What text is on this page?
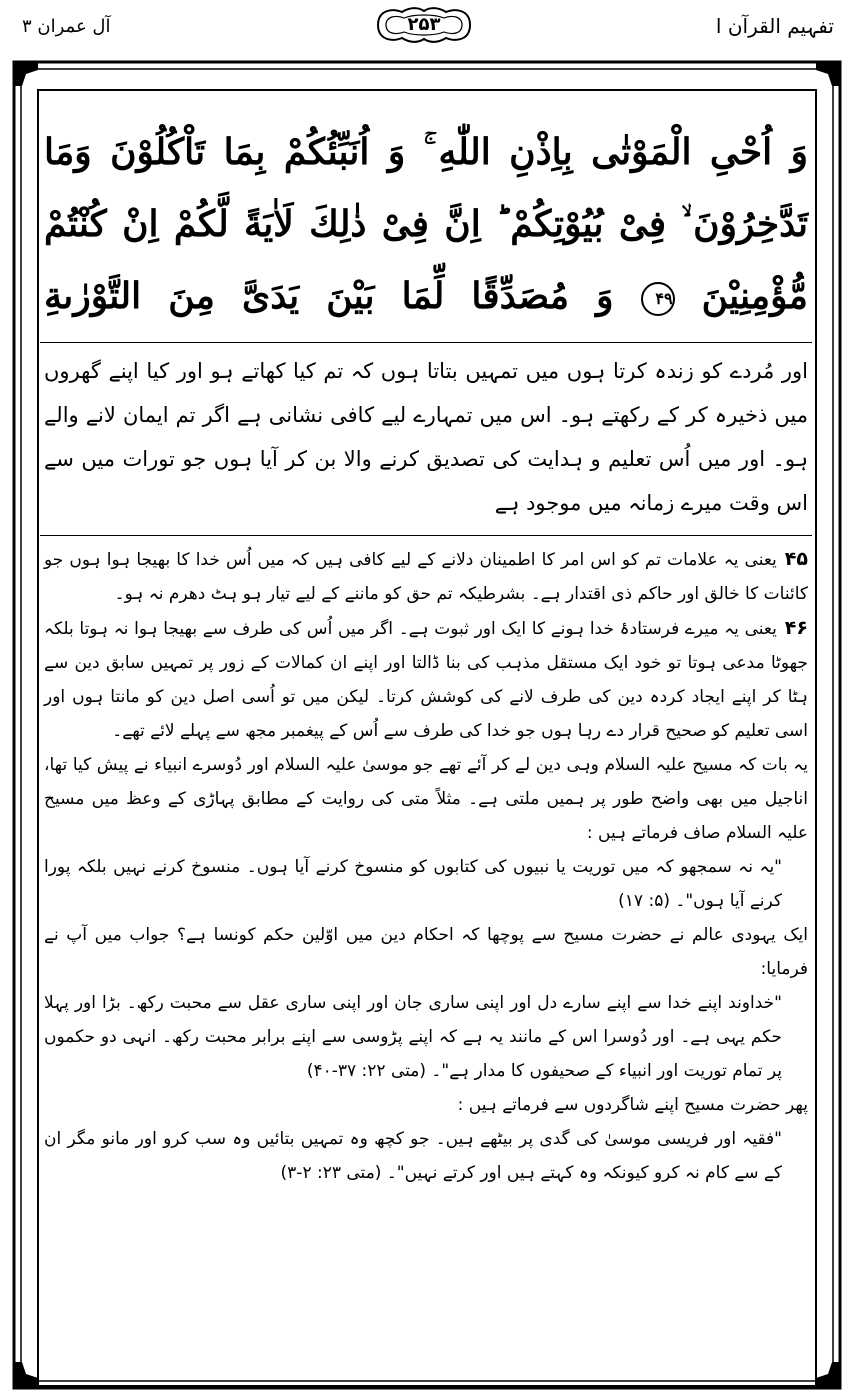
تفہیم القرآن ا
۲۵۳
آل عمران ۳

وَ اُحْیِ الْمَوْتٰی بِاِذْنِ اللّٰهِ ۚ وَ اُنَبِّئُكُمْ بِمَا تَاْكُلُوْنَ وَمَا تَدَّخِرُوْنَ ۙ فِیْ بُیُوْتِكُمْ ؕ اِنَّ فِیْ ذٰلِكَ لَاٰیَةً لَّكُمْ اِنْ كُنْتُمْ مُّؤْمِنِیْنَ ۴۹ وَ مُصَدِّقًا لِّمَا بَیْنَ یَدَیَّ مِنَ التَّوْرٰىةِ

اور مُردے کو زندہ کرتا ہوں میں تمہیں بتاتا ہوں کہ تم کیا کھاتے ہو اور کیا اپنے گھروں میں ذخیرہ کر کے رکھتے ہو۔ اس میں تمہارے لیے کافی نشانی ہے اگر تم ایمان لانے والے ہو۔ اور میں اُس تعلیم و ہدایت کی تصدیق کرنے والا بن کر آیا ہوں جو تورات میں سے اس وقت میرے زمانہ میں موجود ہے

۴۵یعنی یہ علامات تم کو اس امر کا اطمینان دلانے کے لیے کافی ہیں کہ میں اُس خدا کا بھیجا ہوا ہوں جو کائنات کا خالق اور حاکم ذی اقتدار ہے۔ بشرطیکہ تم حق کو ماننے کے لیے تیار ہو ہٹ دھرم نہ ہو۔

۴۶یعنی یہ میرے فرستادۂ خدا ہونے کا ایک اور ثبوت ہے۔ اگر میں اُس کی طرف سے بھیجا ہوا نہ ہوتا بلکہ جھوٹا مدعی ہوتا تو خود ایک مستقل مذہب کی بنا ڈالتا اور اپنے ان کمالات کے زور پر تمہیں سابق دین سے ہٹا کر اپنے ایجاد کردہ دین کی طرف لانے کی کوشش کرتا۔ لیکن میں تو اُسی اصل دین کو مانتا ہوں اور اسی تعلیم کو صحیح قرار دے رہا ہوں جو خدا کی طرف سے اُس کے پیغمبر مجھ سے پہلے لائے تھے۔

یہ بات کہ مسیح علیہ السلام وہی دین لے کر آئے تھے جو موسیٰ علیہ السلام اور دُوسرے انبیاء نے پیش کیا تھا، اناجیل میں بھی واضح طور پر ہمیں ملتی ہے۔ مثلاً متی کی روایت کے مطابق پہاڑی کے وعظ میں مسیح علیہ السلام صاف فرماتے ہیں :

"یہ نہ سمجھو کہ میں توریت یا نبیوں کی کتابوں کو منسوخ کرنے آیا ہوں۔ منسوخ کرنے نہیں بلکہ پورا کرنے آیا ہوں"۔ (۵: ۱۷)

ایک یہودی عالم نے حضرت مسیح سے پوچھا کہ احکام دین میں اوّلین حکم کونسا ہے؟ جواب میں آپ نے فرمایا:

"خداوند اپنے خدا سے اپنے سارے دل اور اپنی ساری جان اور اپنی ساری عقل سے محبت رکھ۔ بڑا اور پہلا حکم یہی ہے۔ اور دُوسرا اس کے مانند یہ ہے کہ اپنے پڑوسی سے اپنے برابر محبت رکھ۔ انہی دو حکموں پر تمام توریت اور انبیاء کے صحیفوں کا مدار ہے"۔ (متی ۲۲: ۳۷-۴۰)

پھر حضرت مسیح اپنے شاگردوں سے فرماتے ہیں :

"فقیہ اور فریسی موسیٰ کی گدی پر بیٹھے ہیں۔ جو کچھ وہ تمہیں بتائیں وہ سب کرو اور مانو مگر ان کے سے کام نہ کرو کیونکہ وہ کہتے ہیں اور کرتے نہیں"۔ (متی ۲۳: ۲-۳)
